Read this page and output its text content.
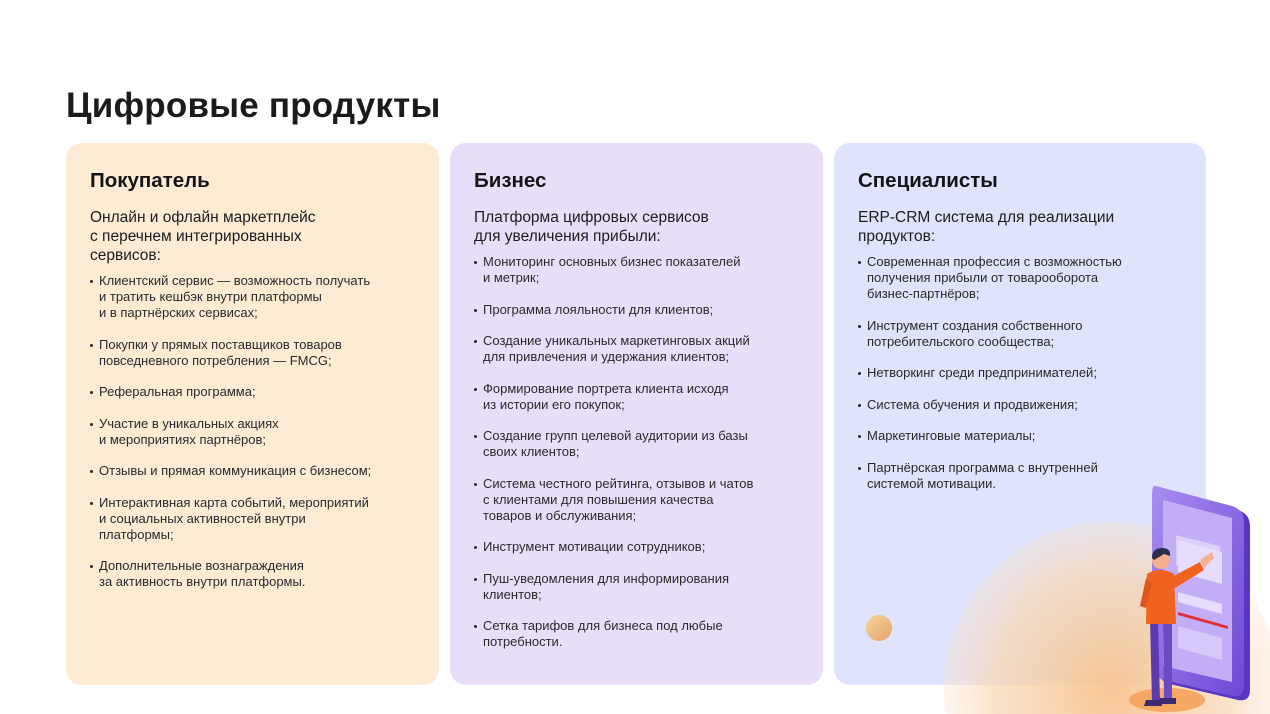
Цифровые продукты
Покупатель

Онлайн и офлайн маркетплейс
с перечнем интегрированных
сервисов:

Клиентский сервис — возможность получать
и тратить кешбэк внутри платформы
и в партнёрских сервисах;
Покупки у прямых поставщиков товаров
повседневного потребления — FMCG;
Реферальная программа;
Участие в уникальных акциях
и мероприятиях партнёров;
Отзывы и прямая коммуникация с бизнесом;
Интерактивная карта событий, мероприятий
и социальных активностей внутри
платформы;
Дополнительные вознаграждения
за активность внутри платформы.
Бизнес

Платформа цифровых сервисов
для увеличения прибыли:

Мониторинг основных бизнес показателей
и метрик;
Программа лояльности для клиентов;
Создание уникальных маркетинговых акций
для привлечения и удержания клиентов;
Формирование портрета клиента исходя
из истории его покупок;
Создание групп целевой аудитории из базы
своих клиентов;
Система честного рейтинга, отзывов и чатов
с клиентами для повышения качества
товаров и обслуживания;
Инструмент мотивации сотрудников;
Пуш-уведомления для информирования
клиентов;
Сетка тарифов для бизнеса под любые
потребности.
Специалисты

ERP-CRM система для реализации
продуктов:

Современная профессия с возможностью
получения прибыли от товарооборота
бизнес-партнёров;
Инструмент создания собственного
потребительского сообщества;
Нетворкинг среди предпринимателей;
Система обучения и продвижения;
Маркетинговые материалы;
Партнёрская программа с внутренней
системой мотивации.
